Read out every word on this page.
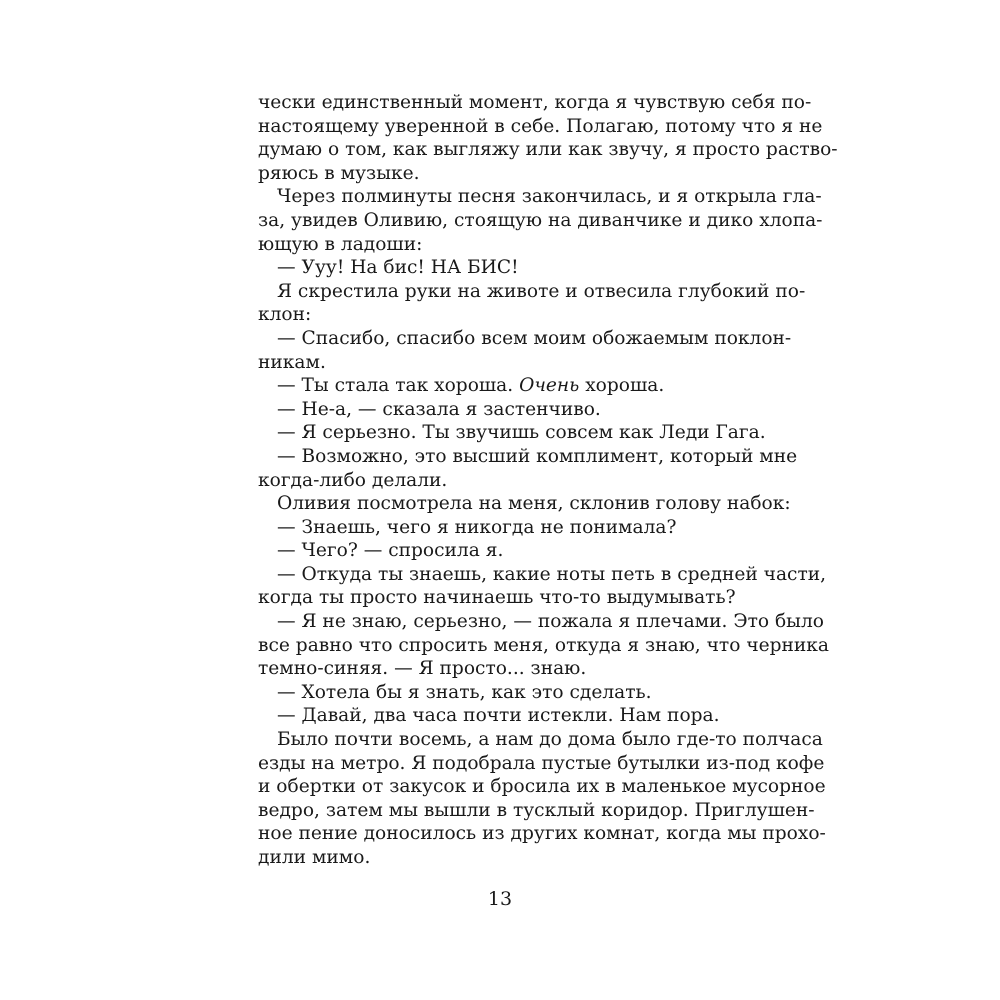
чески единственный момент, когда я чувствую себя по-
настоящему уверенной в себе. Полагаю, потому что я не
думаю о том, как выгляжу или как звучу, я просто раство-
ряюсь в музыке.
Через полминуты песня закончилась, и я открыла гла-
за, увидев Оливию, стоящую на диванчике и дико хлопа-
ющую в ладоши:
— Ууу! На бис! НА БИС!
Я скрестила руки на животе и отвесила глубокий по-
клон:
— Спасибо, спасибо всем моим обожаемым поклон-
никам.
— Ты стала так хороша. Очень хороша.
— Не-а, — сказала я застенчиво.
— Я серьезно. Ты звучишь совсем как Леди Гага.
— Возможно, это высший комплимент, который мне
когда-либо делали.
Оливия посмотрела на меня, склонив голову набок:
— Знаешь, чего я никогда не понимала?
— Чего? — спросила я.
— Откуда ты знаешь, какие ноты петь в средней части,
когда ты просто начинаешь что-то выдумывать?
— Я не знаю, серьезно, — пожала я плечами. Это было
все равно что спросить меня, откуда я знаю, что черника
темно-синяя. — Я просто... знаю.
— Хотела бы я знать, как это сделать.
— Давай, два часа почти истекли. Нам пора.
Было почти восемь, а нам до дома было где-то полчаса
езды на метро. Я подобрала пустые бутылки из-под кофе
и обертки от закусок и бросила их в маленькое мусорное
ведро, затем мы вышли в тусклый коридор. Приглушен-
ное пение доносилось из других комнат, когда мы прохо-
дили мимо.
13
